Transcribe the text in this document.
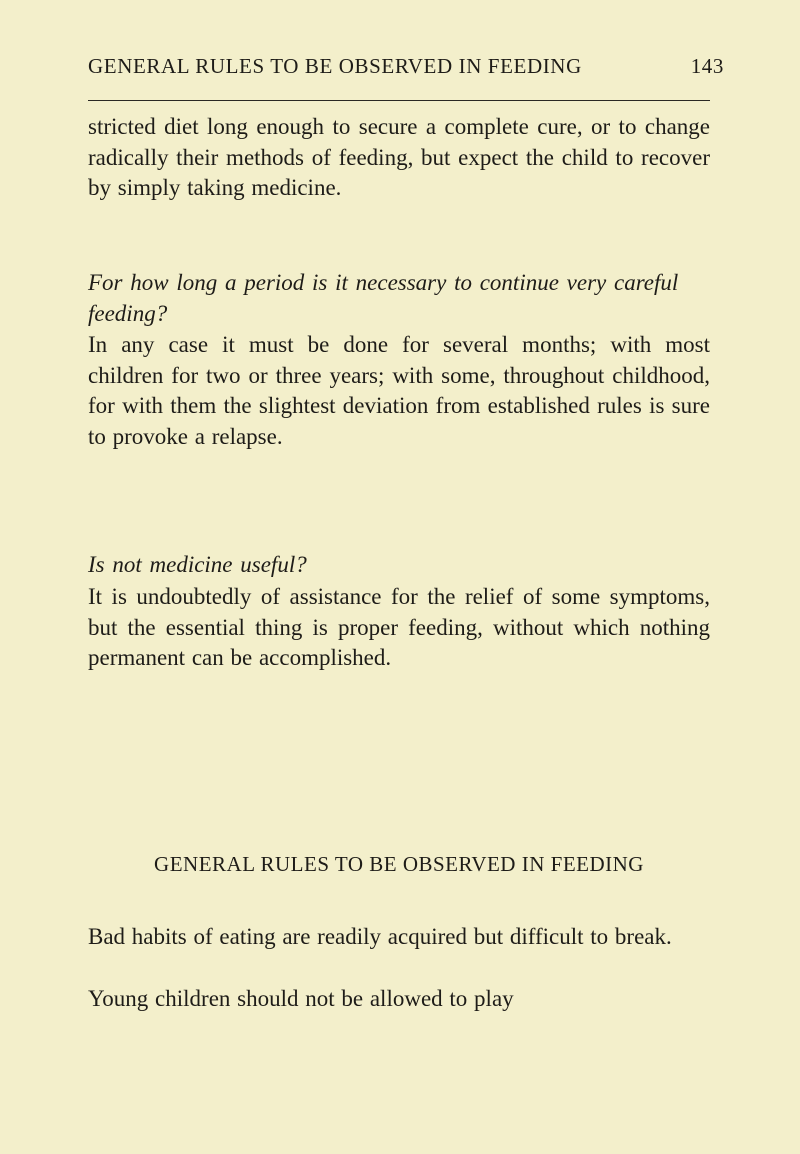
GENERAL RULES TO BE OBSERVED IN FEEDING	143

stricted diet long enough to secure a complete cure, or to change radically their methods of feeding, but expect the child to recover by simply taking medicine.

For how long a period is it necessary to continue very careful feeding?

In any case it must be done for several months; with most children for two or three years; with some, throughout childhood, for with them the slightest deviation from established rules is sure to provoke a relapse.

Is not medicine useful?

It is undoubtedly of assistance for the relief of some symptoms, but the essential thing is proper feeding, without which nothing permanent can be accomplished.

GENERAL RULES TO BE OBSERVED IN FEEDING

Bad habits of eating are readily acquired but difficult to break.

Young children should not be allowed to play
